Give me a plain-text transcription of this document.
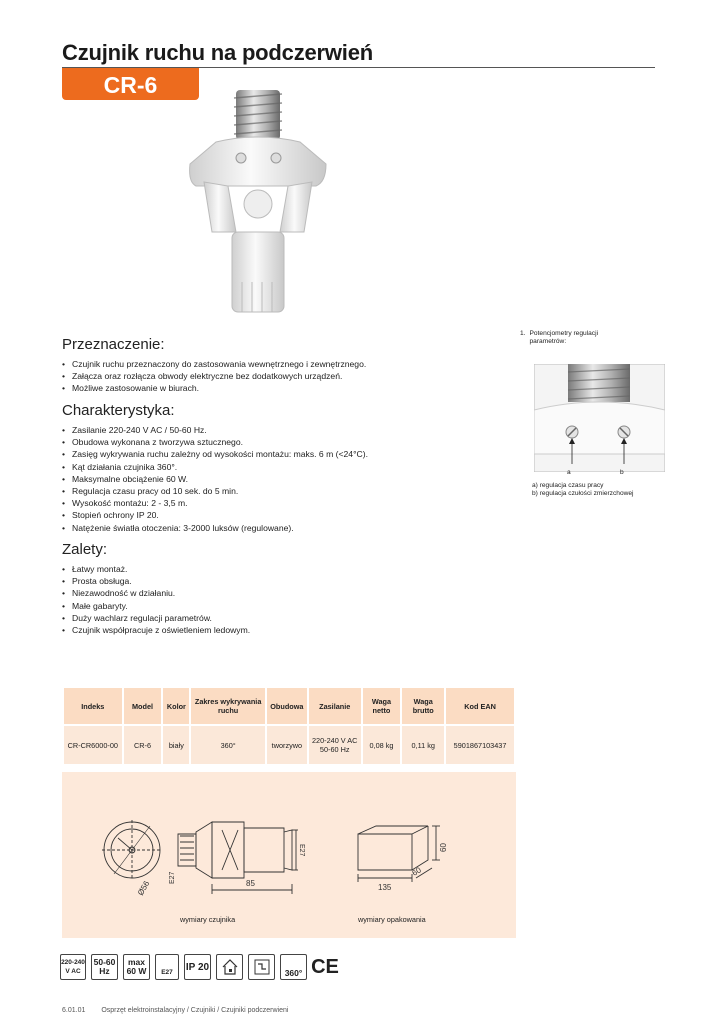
Czujnik ruchu na podczerwień
CR-6
Przeznaczenie:
• Czujnik ruchu przeznaczony do zastosowania wewnętrznego i zewnętrznego.
• Załącza oraz rozłącza obwody elektryczne bez dodatkowych urządzeń.
• Możliwe zastosowanie w biurach.
Charakterystyka:
• Zasilanie 220-240 V AC / 50-60 Hz.
• Obudowa wykonana z tworzywa sztucznego.
• Zasięg wykrywania ruchu zależny od wysokości montażu: maks. 6 m (<24°C).
• Kąt działania czujnika 360°.
• Maksymalne obciążenie 60 W.
• Regulacja czasu pracy od 10 sek. do 5 min.
• Wysokość montażu: 2 - 3,5 m.
• Stopień ochrony IP 20.
• Natężenie światła otoczenia: 3-2000 luksów (regulowane).
Zalety:
• Łatwy montaż.
• Prosta obsługa.
• Niezawodność w działaniu.
• Małe gabaryty.
• Duży wachlarz regulacji parametrów.
• Czujnik współpracuje z oświetleniem ledowym.
1. Potencjometry regulacji parametrów:
a	b
a) regulacja czasu pracy
b) regulacja czułości zmierzchowej
Indeks	Model	Kolor	Zakres wykrywania ruchu	Obudowa	Zasilanie	Waga netto	Waga brutto	Kod EAN
CR-CR6000-00	CR-6	biały	360°	tworzywo	220-240 V AC 50-60 Hz	0,08 kg	0,11 kg	5901867103437
Ø56
E27	85
E27
135
60
60
wymiary czujnika	wymiary opakowania
220-240 V AC
50-60 Hz
max 60 W	E27	IP 20
360° CE
6.01.01 Osprzęt elektroinstalacyjny / Czujniki / Czujniki podczerwieni
